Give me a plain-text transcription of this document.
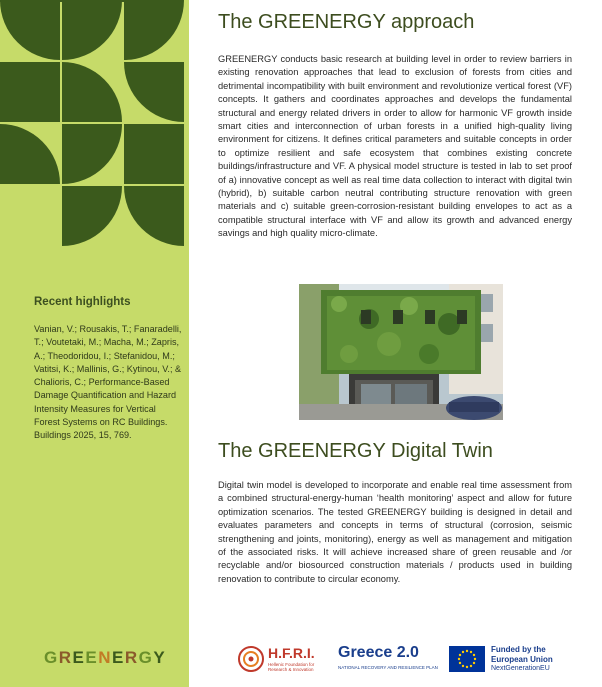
Recent highlights

Vanian, V.; Rousakis, T.; Fanaradelli, T.; Voutetaki, M.; Macha, M.; Zapris, A.; Theodoridou, I.; Stefanidou, M.; Vatitsi, K.; Mallinis, G.; Kytinou, V.; & Chalioris, C.; Performance-Based Damage Quantification and Hazard Intensity Measures for Vertical Forest Systems on RC Buildings. Buildings 2025, 15, 769.

GREENERGY
The GREENERGY approach

GREENERGY conducts basic research at building level in order to review barriers in existing renovation approaches that lead to exclusion of forests from cities and detrimental incompatibility with built environment and revolutionize vertical forest (VF) concepts. It gathers and coordinates approaches and develops the fundamental structural and energy related drivers in order to allow for harmonic VF growth inside smart cities and interconnection of urban forests in a unified high-quality living environment for citizens. It defines critical parameters and suitable concepts in order to optimize resilient and safe ecosystem that combines existing concrete buildings/infrastructure and VF. A physical model structure is tested in lab to set proof of a) innovative concept as well as real time data collection to interact with digital twin (hybrid), b) suitable carbon neutral contributing structure renovation with green materials and c) suitable green-corrosion-resistant building envelopes to act as a compatible structural interface with VF and allow its growth and advanced energy savings and high quality micro-climate.

The GREENERGY Digital Twin

Digital twin model is developed to incorporate and enable real time assessment from a combined structural-energy-human ‘health monitoring’ aspect and allow for future optimization scenarios. The tested GREENERGY building is designed in detail and evaluates parameters and concepts in terms of structural (corrosion, seismic strengthening and joints, monitoring), energy as well as management and mitigation of the associated risks. It will achieve increased share of green reusable and /or recyclable and/or biosourced construction materials / products used in building renovation to contribute to circular economy.

H.F.R.I.
Hellenic Foundation for Research & Innovation
Greece 2.0
NATIONAL RECOVERY AND RESILIENCE PLAN
Funded by the
European Union
NextGenerationEU
